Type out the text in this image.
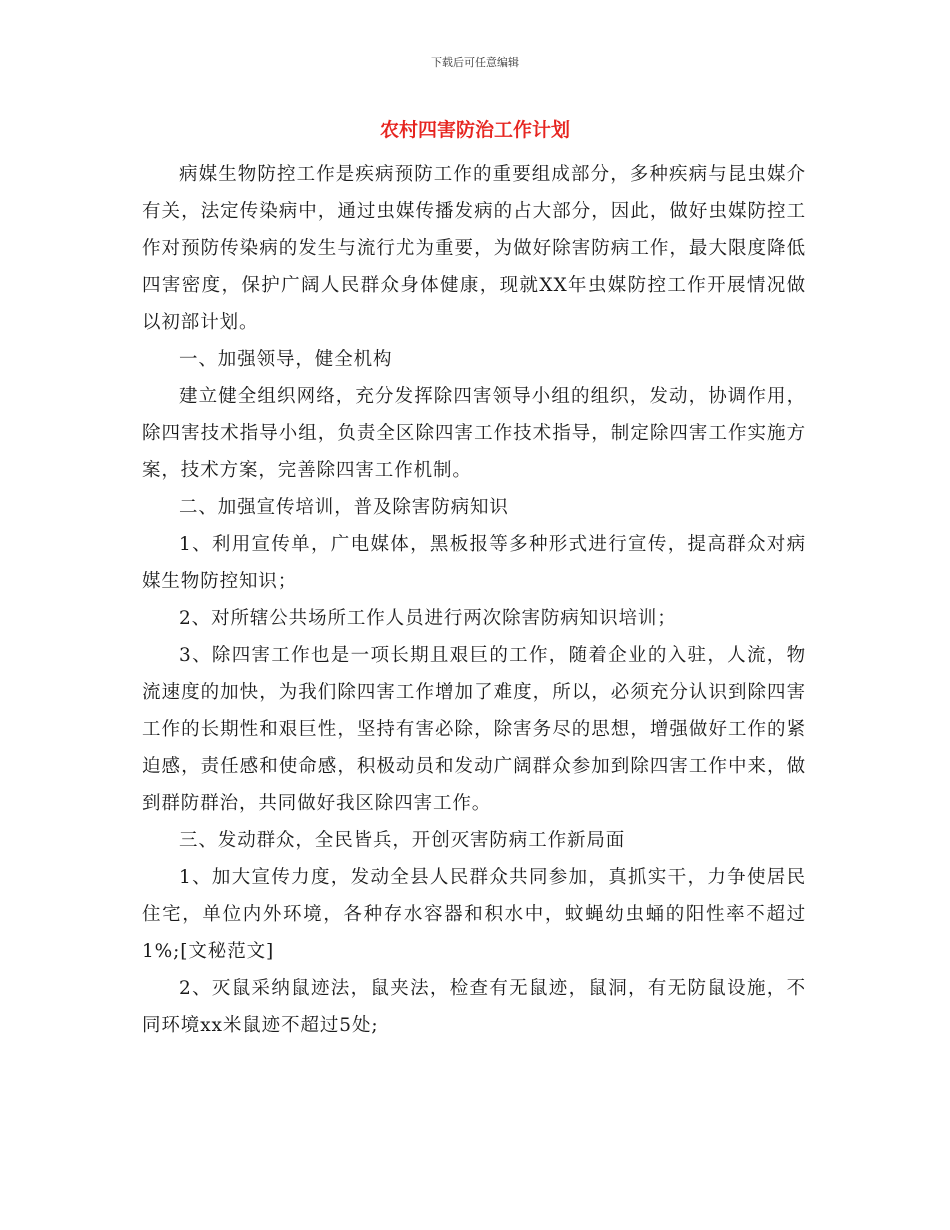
下载后可任意编辑
农村四害防治工作计划

病媒生物防控工作是疾病预防工作的重要组成部分，多种疾病与昆虫媒介有关，法定传染病中，通过虫媒传播发病的占大部分，因此，做好虫媒防控工作对预防传染病的发生与流行尤为重要，为做好除害防病工作，最大限度降低四害密度，保护广阔人民群众身体健康，现就XX年虫媒防控工作开展情况做以初部计划。

一、加强领导，健全机构

建立健全组织网络，充分发挥除四害领导小组的组织，发动，协调作用，除四害技术指导小组，负责全区除四害工作技术指导，制定除四害工作实施方案，技术方案，完善除四害工作机制。

二、加强宣传培训，普及除害防病知识

1、利用宣传单，广电媒体，黑板报等多种形式进行宣传，提高群众对病媒生物防控知识；

2、对所辖公共场所工作人员进行两次除害防病知识培训；

3、除四害工作也是一项长期且艰巨的工作，随着企业的入驻，人流，物流速度的加快，为我们除四害工作增加了难度，所以，必须充分认识到除四害工作的长期性和艰巨性，坚持有害必除，除害务尽的思想，增强做好工作的紧迫感，责任感和使命感，积极动员和发动广阔群众参加到除四害工作中来，做到群防群治，共同做好我区除四害工作。

三、发动群众，全民皆兵，开创灭害防病工作新局面

1、加大宣传力度，发动全县人民群众共同参加，真抓实干，力争使居民住宅，单位内外环境，各种存水容器和积水中，蚊蝇幼虫蛹的阳性率不超过1%;[文秘范文]

2、灭鼠采纳鼠迹法，鼠夹法，检查有无鼠迹，鼠洞，有无防鼠设施，不同环境xx米鼠迹不超过5处;
